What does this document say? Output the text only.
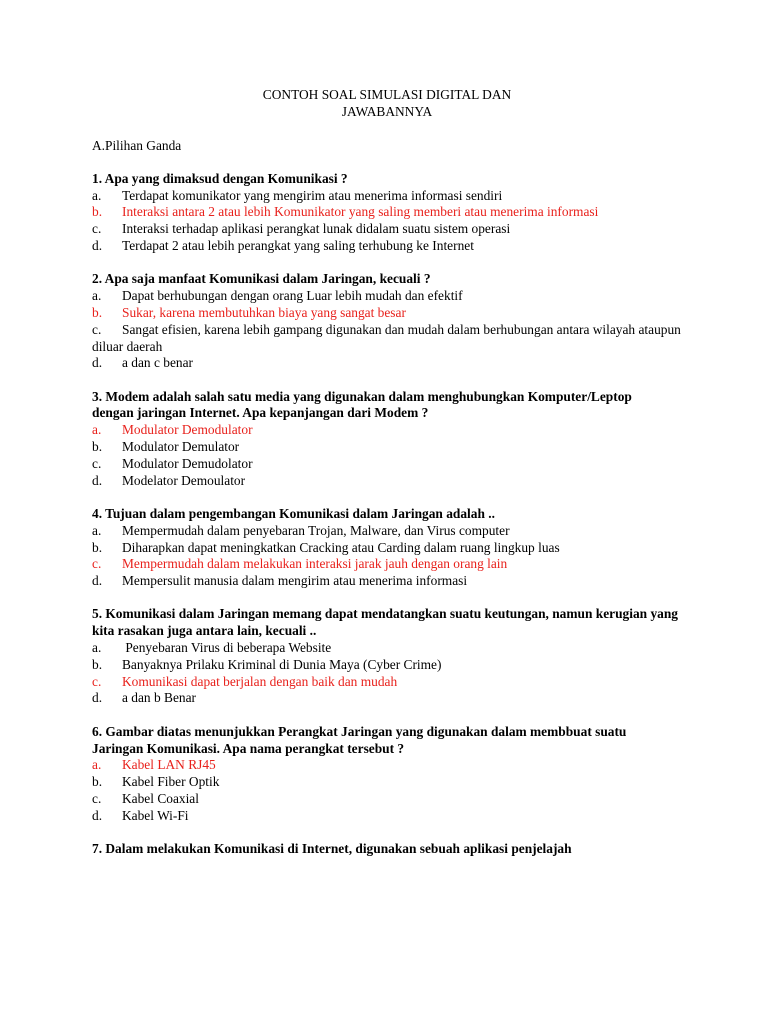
CONTOH SOAL SIMULASI DIGITAL DAN

JAWABANNYA

A.Pilihan Ganda

1. Apa yang dimaksud dengan Komunikasi ?

a. Terdapat komunikator yang mengirim atau menerima informasi sendiri

b. Interaksi antara 2 atau lebih Komunikator yang saling memberi atau menerima informasi

c. Interaksi terhadap aplikasi perangkat lunak didalam suatu sistem operasi

d. Terdapat 2 atau lebih perangkat yang saling terhubung ke Internet

2. Apa saja manfaat Komunikasi dalam Jaringan, kecuali ?

a. Dapat berhubungan dengan orang Luar lebih mudah dan efektif

b. Sukar, karena membutuhkan biaya yang sangat besar

c. Sangat efisien, karena lebih gampang digunakan dan mudah dalam berhubungan antara wilayah ataupun diluar daerah

d. a dan c benar

3. Modem adalah salah satu media yang digunakan dalam menghubungkan Komputer/Leptop

dengan jaringan Internet. Apa kepanjangan dari Modem ?

a. Modulator Demodulator

b. Modulator Demulator

c. Modulator Demudolator

d. Modelator Demoulator

4. Tujuan dalam pengembangan Komunikasi dalam Jaringan adalah ..

a. Mempermudah dalam penyebaran Trojan, Malware, dan Virus computer

b. Diharapkan dapat meningkatkan Cracking atau Carding dalam ruang lingkup luas

c. Mempermudah dalam melakukan interaksi jarak jauh dengan orang lain

d. Mempersulit manusia dalam mengirim atau menerima informasi

5. Komunikasi dalam Jaringan memang dapat mendatangkan suatu keutungan, namun kerugian yang kita rasakan juga antara lain, kecuali ..

a. Penyebaran Virus di beberapa Website

b. Banyaknya Prilaku Kriminal di Dunia Maya (Cyber Crime)

c. Komunikasi dapat berjalan dengan baik dan mudah

d. a dan b Benar

6. Gambar diatas menunjukkan Perangkat Jaringan yang digunakan dalam membbuat suatu

Jaringan Komunikasi. Apa nama perangkat tersebut ?

a. Kabel LAN RJ45

b. Kabel Fiber Optik

c. Kabel Coaxial

d. Kabel Wi-Fi

7. Dalam melakukan Komunikasi di Internet, digunakan sebuah aplikasi penjelajah
